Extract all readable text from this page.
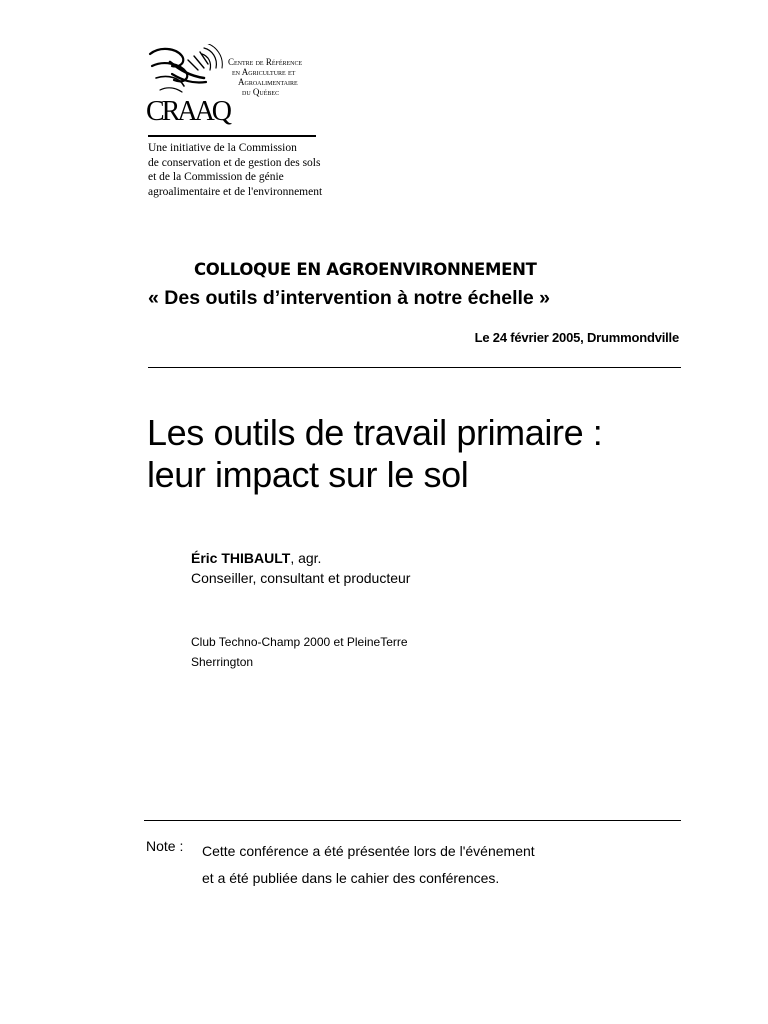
CRAAQ
Centre de Référence
en Agriculture et
Agroalimentaire
du Québec
Une initiative de la Commission
de conservation et de gestion des sols
et de la Commission de génie
agroalimentaire et de l'environnement
COLLOQUE EN AGROENVIRONNEMENT
« Des outils d’intervention à notre échelle »
Le 24 février 2005, Drummondville
Les outils de travail primaire :
leur impact sur le sol
Éric THIBAULT, agr.
Conseiller, consultant et producteur
Club Techno-Champ 2000 et PleineTerre
Sherrington
Note : Cette conférence a été présentée lors de l'événement
et a été publiée dans le cahier des conférences.
